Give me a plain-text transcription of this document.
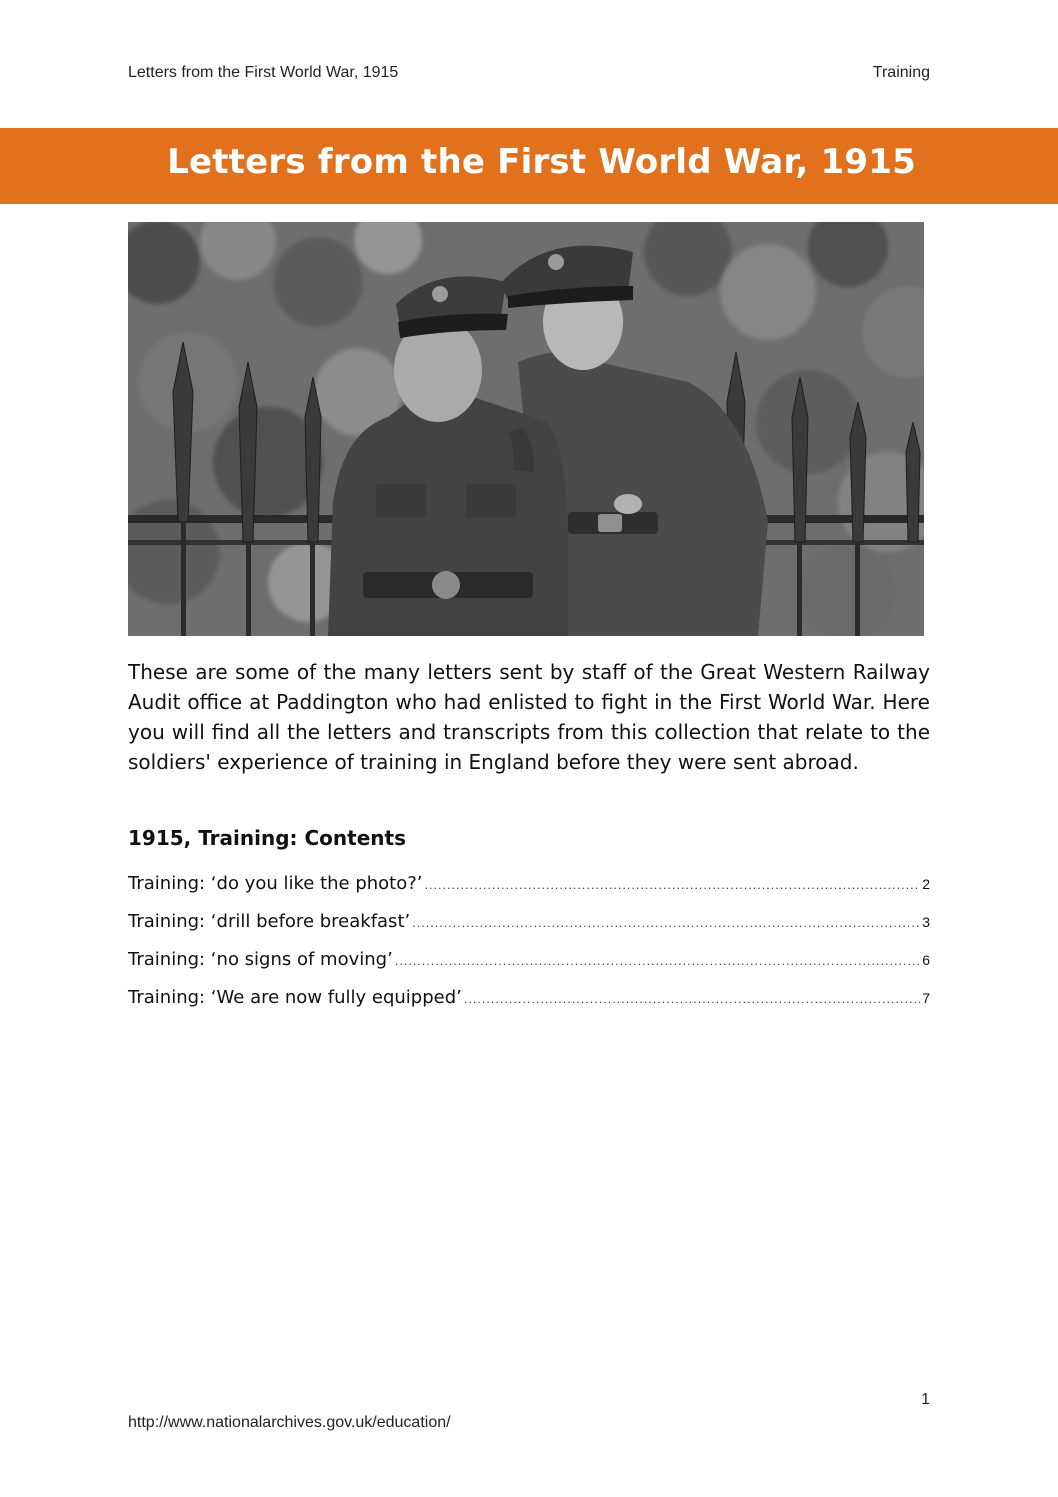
Letters from the First World War, 1915	Training
Letters from the First World War, 1915

These are some of the many letters sent by staff of the Great Western Railway Audit office at Paddington who had enlisted to fight in the First World War. Here you will find all the letters and transcripts from this collection that relate to the soldiers' experience of training in England before they were sent abroad.

1915, Training: Contents
Training: ‘do you like the photo?’ .....	2
Training: ‘drill before breakfast’ .....	3
Training: ‘no signs of moving’ .....	6
Training: ‘We are now fully equipped’ .....	7
1
http://www.nationalarchives.gov.uk/education/
